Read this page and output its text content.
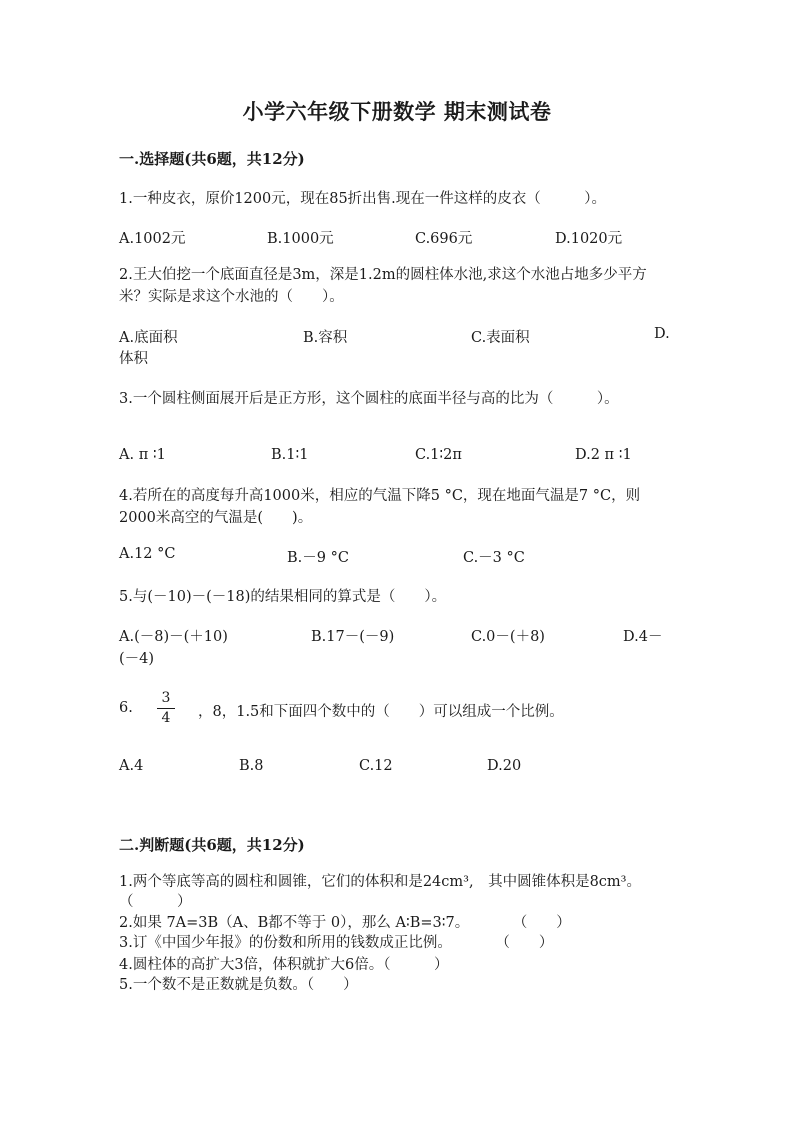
小学六年级下册数学 期末测试卷
一.选择题(共6题，共12分)
1.一种皮衣，原价1200元，现在85折出售.现在一件这样的皮衣（　　　）。
A.1002元	B.1000元	C.696元	D.1020元
2.王大伯挖一个底面直径是3m，深是1.2m的圆柱体水池,求这个水池占地多少平方米？实际是求这个水池的（　　）。
A.底面积	B.容积	C.表面积	D.
体积
3.一个圆柱侧面展开后是正方形，这个圆柱的底面半径与高的比为（　　　）。
A. π ∶1	B.1∶1	C.1∶2π	D.2 π ∶1
4.若所在的高度每升高1000米，相应的气温下降5 °C，现在地面气温是7 °C，则2000米高空的气温是(　　)。
A.12 °C	B.－9 °C	C.－3 °C
5.与(－10)－(－18)的结果相同的算式是（　　）。
A.(－8)－(＋10)	B.17－(－9)	C.0－(＋8)	D.4－
(－4)
6.
3
4	，8，1.5和下面四个数中的（　　）可以组成一个比例。
A.4	B.8	C.12	D.20
二.判断题(共6题，共12分)
1.两个等底等高的圆柱和圆锥，它们的体积和是24cm³,　其中圆锥体积是8cm³。（　　　）
2.如果 7A=3B（A、B都不等于 0），那么 A∶B=3∶7。　　　　（　　）
3.订《中国少年报》的份数和所用的钱数成正比例。　　　　（　　）
4.圆柱体的高扩大3倍，体积就扩大6倍。（　　　）
5.一个数不是正数就是负数。（　　）
